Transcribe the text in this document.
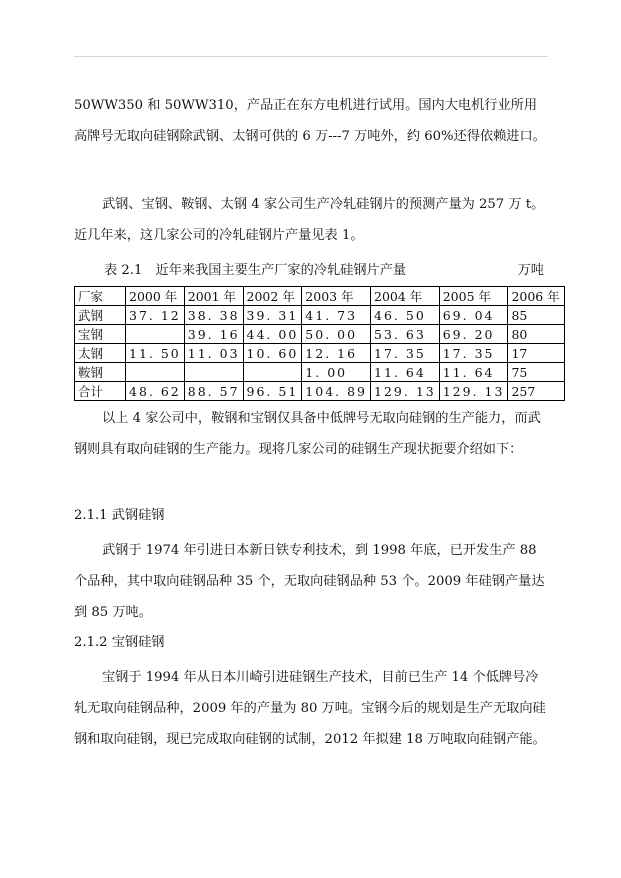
50WW350 和 50WW310，产品正在东方电机进行试用。国内大电机行业所用高牌号无取向硅钢除武钢、太钢可供的 6 万---7 万吨外，约 60%还得依赖进口。

武钢、宝钢、鞍钢、太钢 4 家公司生产冷轧硅钢片的预测产量为 257 万 t。近几年来，这几家公司的冷轧硅钢片产量见表 1。

表 2.1　近年来我国主要生产厂家的冷轧硅钢片产量	万吨
厂家	2000 年	2001 年	2002 年	2003 年	2004 年	2005 年	2006 年
武钢	37. 12	38. 38	39. 31	41. 73	46. 50	69. 04	85
宝钢		39. 16	44. 00	50. 00	53. 63	69. 20	80
太钢	11. 50	11. 03	10. 60	12. 16	17. 35	17. 35	17
鞍钢				1. 00	11. 64	11. 64	75
合计	48. 62	88. 57	96. 51	104. 89	129. 13	129. 13	257

以上 4 家公司中，鞍钢和宝钢仅具备中低牌号无取向硅钢的生产能力，而武钢则具有取向硅钢的生产能力。现将几家公司的硅钢生产现状扼要介绍如下：

2.1.1 武钢硅钢

武钢于 1974 年引进日本新日铁专利技术，到 1998 年底，已开发生产 88 个品种，其中取向硅钢品种 35 个，无取向硅钢品种 53 个。2009 年硅钢产量达到 85 万吨。

2.1.2 宝钢硅钢

宝钢于 1994 年从日本川崎引进硅钢生产技术，目前已生产 14 个低牌号冷轧无取向硅钢品种，2009 年的产量为 80 万吨。宝钢今后的规划是生产无取向硅钢和取向硅钢，现已完成取向硅钢的试制，2012 年拟建 18 万吨取向硅钢产能。
